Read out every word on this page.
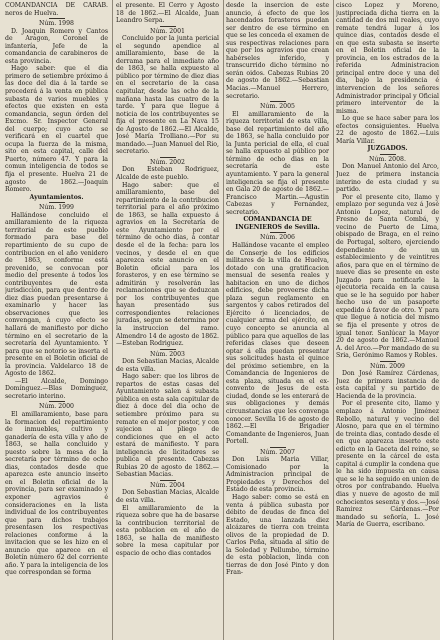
COMANDANCIA DE CARAB. neros de Huelva.

Núm. 1998

D. Joaquin Romero y Cantos de Aragon, Coronel de infantería, Jefe de la comandancia de carabineros de esta provincia.

Hago saber: que el dia primero de setiembre próximo á las doce del dia á la tarde se procederá á la venta en pública subasta de varios muebles y efectos que existen en esta comandancia, segun órden del Excmo. Sr. Inspector General del cuerpo; cuyo acto se verificará en el cuartel que ocupa la fuerza de la misma, sito en esta capital, calle del Puerto, número 47. Y para la comun inteligencia de todos se fija el presente. Huelva 21 de agosto de 1862.—Joaquin Romero.

Ayuntamientos.

Núm. 1999

Hallándose concluido el amillaramiento de la riqueza territorial de este pueblo formado para base del repartimiento de su cupo de contribucion en el año venidero de 1863, conforme está prevenido, se convocan por medio del presente á todos los contribuyentes de esta jurisdicción, para que dentro de diez dias puedan presentarse á examinarlo y hacer las observaciones que les convengan, á cuyo efecto se hallará de manifiesto por dicho término en el secretario de la secretaría del Ayuntamiento. Y para que se notorio se inserta el presente en el Boletin oficial de la provincia. Valdelarco 18 de Agosto de 1862.

—El Alcalde, Domingo Domínguez.—Blas Domínguez, secretario interino.

Núm. 2000

El amillaramiento, base para la formacion del repartimiento de inmuebles, cultivo y ganadería de esta villa y año de 1863, se halla concluido y puesto sobre la mesa de la secretaría por término de ocho dias, contados desde que aparezca este anuncio inserto en el Boletin oficial de la provincia, para ser examinado y exponer agravios é consideraciones en la lista individual de los contribuyentes que para dichos trabajos presentasen los respectivas relaciones conforme á la invitacion que se les hizo en el anuncio que aparece en el Boletín número 62 del corriente año. Y para la inteligencia de los que correspondan se forma

el presente. El Cerro y Agosto 18 de 1862.—El Alcalde, Juan Leandro Serpa.

Núm. 2001

Concluido por la junta pericial el segundo apendice al amillaramiento, base de la derrama para el inmediato año de 1863, se halla expuesto al público por término de diez dias en el secretario de la casa capitular, desde las ocho de la mañana hasta las cuatro de la tarde. Y para que llegue á noticia de los contribuyentes se fija el presente en La Nava 15 de Agosto de 1862.—El Alcalde, José María Trolliano.—Por su mandado.—Juan Manuel del Rio, secretario.

Núm. 2002

Don Esteban Rodriguez, Alcalde de este pueblo.

Hago saber: que el amillaramiento, base del repartimiento de la contribucion territorial para el año próximo de 1863, se halla expuesto á agravios en la Secretaría de este Ayuntamiento por el término de ocho dias, á contar desde el de la fecha: para los vecinos, y desde el en que aparezca este anuncio en el Boletin oficial para los forasteros, y en ese término se admitirán y resolverán las reclamaciones que se deduzcan por los contribuyentes que hayan presentado sus correspondientes relaciones juradas, segun se determina por la instruccion del ramo. Almendro 14 de agosto de 1862.—Esteban Rodriguez.

Núm. 2003

Don Sebastian Macias, Alcalde de esta villa.

Hago saber: que los libros de repartos de estas casas del Ayuntamiento salen á subasta pública en esta sala capitular de diez á doce del dia ocho de setiembre próximo para su remate en el mejor postor, y con sujecion al pliego de condiciones que en el acto estará de manifiesto. Y para inteligencia de licitadores se publica el presente. Cabezas Rubias 20 de agosto de 1862.—Sebastian Macias.

Núm. 2004

Don Sebastian Macias, Alcalde de esta villa.

El amillaramiento de la riqueza sobre que ha de basarse la contribucion territorial de esta poblacion en el año de 1863, se halla de manifiesto sobre la mesa capitular por espacio de ocho dias contados

desde la insercion de este anuncio, á efecto de que los hacendados forasteros puedan ser dentro de ese término en que se les conceda el examen de sus respectivas relaciones para que por los agravios que crean habérseles inferido, y transcurrido dicho término no serán oidos. Cabezas Rubias 20 de agosto de 1862.—Sebastian Macias.—Manuel Herrero, secretario.

Núm. 2005

El amillaramiento de la riqueza territorial de esta villa, base del repartimiento del año de 1863, se halla concluido por la Junta pericial de ella, el cual se halla expuesto al público por término de ocho dias en la secretaría de este ayuntamiento. Y para la general inteligencia se fija el presente en Gala 20 de agosto de 1862.—Francisco Martin.—Agustin Cabezas y Fernandez, secretario.

COMANDANCIA DE INGENIEROS de Sevilla.

Núm. 2006

Hallándose vacante el empleo de Conserje de los edificios militares de la villa de Huelva, dotado con una gratificacion mensual de sesenta reales y habitacion en uno de dichos edificios, debe proveerse dicha plaza segun reglamento en sargentos y cabos retirados del Ejército ó licenciados, de cualquier arma del ejército, en cuyo concepto se anuncia al público para que aquellos de las referidas clases que deseen optar á ella puedan presentar sus solicitudes hasta el quince del próximo setiembre, en la Comandancia de Ingenieros de esta plaza, situada en el ex-convento de Jesus de esta ciudad, donde se les enterará de sus obligaciones y demás circunstancias que les convenga conocer. Sevilla 16 de agosto de 1862.—El Brigadier Comandante de Ingenieros, Juan Portell.

Núm. 2007

Don Luis Maria Villar, Comisionado por la Administracion principal de Propiedades y Derechos del Estado de esta provincia.

Hago saber: como se está en venta á pública subasta por débito de deudas de finca del Estado, una lanzada diez alcázares de tierra con treinta olivos de la propiedad de D. Carlos Peña, situada al sitio de la Soledad y Pellumbo, término de esta poblacion, linda con tierras de don José Pinto y don Fran-

cisco Lopez y Moreno, justipreciada dicha tierra en la cantidad de dos mil reales, cuyo remate tendrá lugar á los quince dias, contados desde el en que esta subasta se inserte en el Boletin oficial de la provincia, en los estrados de la referida Administracion principal entre doce y una del dia, bajo la presidencia é intervencion de los señores Administrador principal y Oficial primero interventor de la misma.

Lo que se hace saber para los efectos consiguientes. Huelva 22 de agosto de 1862.—Luis María Villar.

JUZGADOS.

Núm. 2008.

Don Manuel Antonio del Arco, Juez de primera instancia interino de esta ciudad y su partido.

Por el presente cito, llamo y emplazo por segunda vez á José Antonio Lopez, natural de Fresno de Santa Combá, y vecino de Puerto de Lima, obispado de Braga, en el reino de Portugal, soltero, ejerciendo dependiente de un establecimiento y de veintitres años, para que en el término de nueve dias se presente en este Juzgado para notificarle la ejecutoria recaida en la causa que se le ha seguido por haber hecho uso de un pasaporte expedido á favor de otro. Y para que llegue á noticia del mismo se fija el presente y otros de igual tenor. Sanlúcar la Mayor 20 de agosto de 1862.—Manuel A. del Arco.—Por mandado de su Sria, Gerónimo Ramos y Robles.

Núm. 2009

Don José Ramírez Cárdenas, Juez de primera instancia de esta capital y su partido de Hacienda de la provincia.

Por el presente cito, llamo y emplazo á Antonio Jiménez Rebollo, natural y vecino del Alosno, para que en el término de treinta dias, contado desde el en que aparezca inserto este edicto en la Gaceta del reino, se presente en la cárcel de esta capital á cumplir la condena que le ha sido impuesta en causa que se le ha seguido en union de otros por contrabando. Huelva dias y nueve de agosto de mil ochocientos sesenta y dos.—José Ramirez Cárdenas.—Por mandado su señoría, L. José María de Guerra, escribano.
